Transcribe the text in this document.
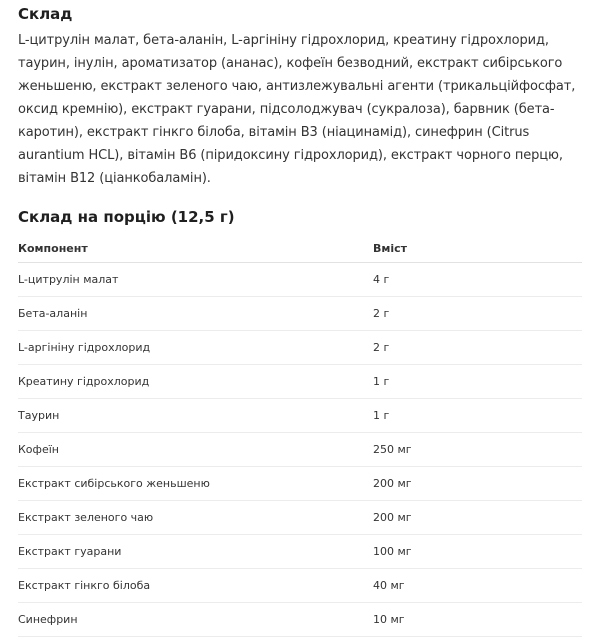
Склад

L-цитрулін малат, бета-аланін, L-аргініну гідрохлорид, креатину гідрохлорид, таурин, інулін, ароматизатор (ананас), кофеїн безводний, екстракт сибірського женьшеню, екстракт зеленого чаю, антизлежувальні агенти (трикальційфосфат, оксид кремнію), екстракт гуарани, підсолоджувач (сукралоза), барвник (бета-каротин), екстракт гінкго білоба, вітамін В3 (ніацинамід), синефрин (Citrus aurantium HCL), вітамін В6 (піридоксину гідрохлорид), екстракт чорного перцю, вітамін В12 (ціанкобаламін).

Склад на порцію (12,5 г)
Компонент	Вміст
L-цитрулін малат	4 г
Бета-аланін	2 г
L-аргініну гідрохлорид	2 г
Креатину гідрохлорид	1 г
Таурин	1 г
Кофеїн	250 мг
Екстракт сибірського женьшеню	200 мг
Екстракт зеленого чаю	200 мг
Екстракт гуарани	100 мг
Екстракт гінкго білоба	40 мг
Синефрин	10 мг
